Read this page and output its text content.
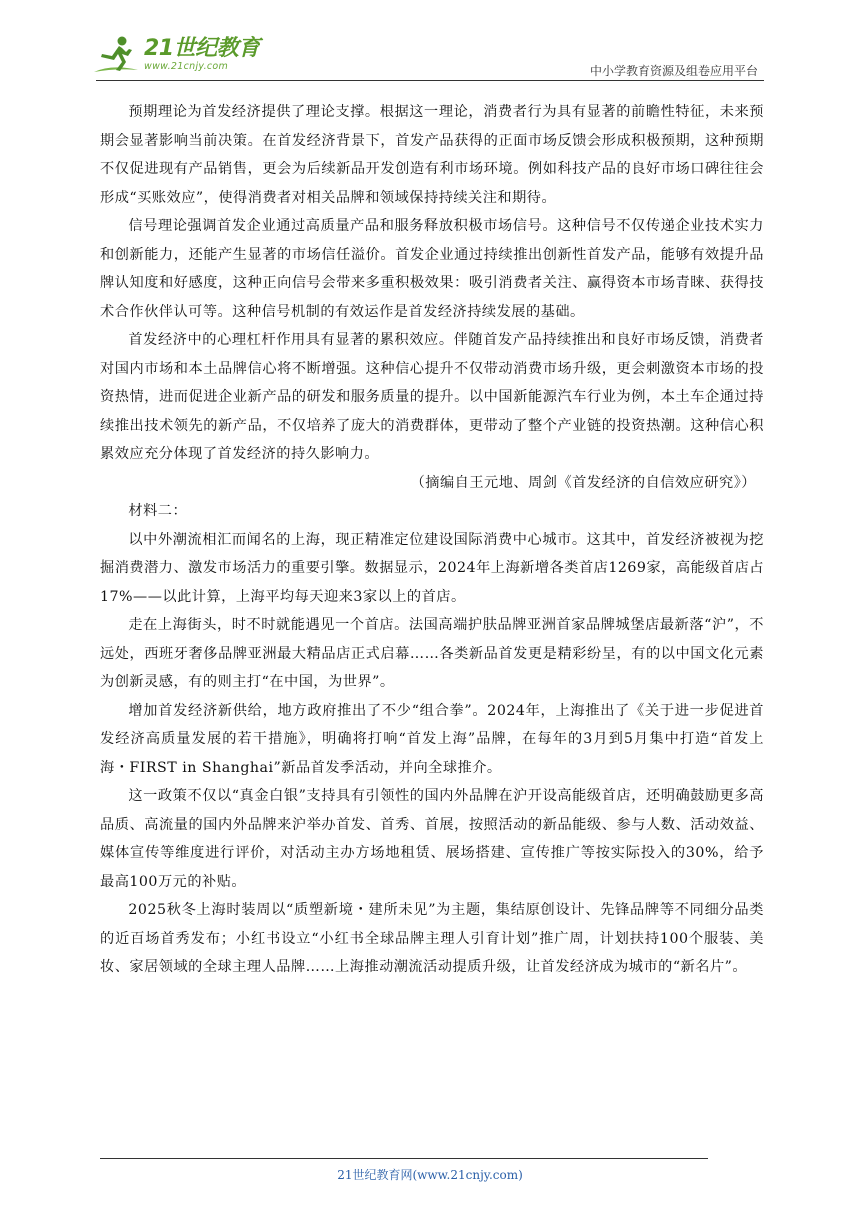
21世纪教育
www.21cnjy.com	中小学教育资源及组卷应用平台

预期理论为首发经济提供了理论支撑。根据这一理论，消费者行为具有显著的前瞻性特征，未来预期会显著影响当前决策。在首发经济背景下，首发产品获得的正面市场反馈会形成积极预期，这种预期不仅促进现有产品销售，更会为后续新品开发创造有利市场环境。例如科技产品的良好市场口碑往往会形成“买账效应”，使得消费者对相关品牌和领域保持持续关注和期待。

信号理论强调首发企业通过高质量产品和服务释放积极市场信号。这种信号不仅传递企业技术实力和创新能力，还能产生显著的市场信任溢价。首发企业通过持续推出创新性首发产品，能够有效提升品牌认知度和好感度，这种正向信号会带来多重积极效果：吸引消费者关注、赢得资本市场青睐、获得技术合作伙伴认可等。这种信号机制的有效运作是首发经济持续发展的基础。

首发经济中的心理杠杆作用具有显著的累积效应。伴随首发产品持续推出和良好市场反馈，消费者对国内市场和本土品牌信心将不断增强。这种信心提升不仅带动消费市场升级，更会刺激资本市场的投资热情，进而促进企业新产品的研发和服务质量的提升。以中国新能源汽车行业为例，本土车企通过持续推出技术领先的新产品，不仅培养了庞大的消费群体，更带动了整个产业链的投资热潮。这种信心积累效应充分体现了首发经济的持久影响力。

（摘编自王元地、周剑《首发经济的自信效应研究》）

材料二：

以中外潮流相汇而闻名的上海，现正精准定位建设国际消费中心城市。这其中，首发经济被视为挖掘消费潜力、激发市场活力的重要引擎。数据显示，2024年上海新增各类首店1269家，高能级首店占17%——以此计算，上海平均每天迎来3家以上的首店。

走在上海街头，时不时就能遇见一个首店。法国高端护肤品牌亚洲首家品牌城堡店最新落“沪”，不远处，西班牙奢侈品牌亚洲最大精品店正式启幕……各类新品首发更是精彩纷呈，有的以中国文化元素为创新灵感，有的则主打“在中国，为世界”。

增加首发经济新供给，地方政府推出了不少“组合拳”。2024年，上海推出了《关于进一步促进首发经济高质量发展的若干措施》，明确将打响“首发上海”品牌，在每年的3月到5月集中打造“首发上海・FIRST in Shanghai”新品首发季活动，并向全球推介。

这一政策不仅以“真金白银”支持具有引领性的国内外品牌在沪开设高能级首店，还明确鼓励更多高品质、高流量的国内外品牌来沪举办首发、首秀、首展，按照活动的新品能级、参与人数、活动效益、媒体宣传等维度进行评价，对活动主办方场地租赁、展场搭建、宣传推广等按实际投入的30%，给予最高100万元的补贴。

2025秋冬上海时装周以“质塑新境・建所未见”为主题，集结原创设计、先锋品牌等不同细分品类的近百场首秀发布；小红书设立“小红书全球品牌主理人引育计划”推广周，计划扶持100个服装、美妆、家居领域的全球主理人品牌……上海推动潮流活动提质升级，让首发经济成为城市的“新名片”。

21世纪教育网(www.21cnjy.com)
